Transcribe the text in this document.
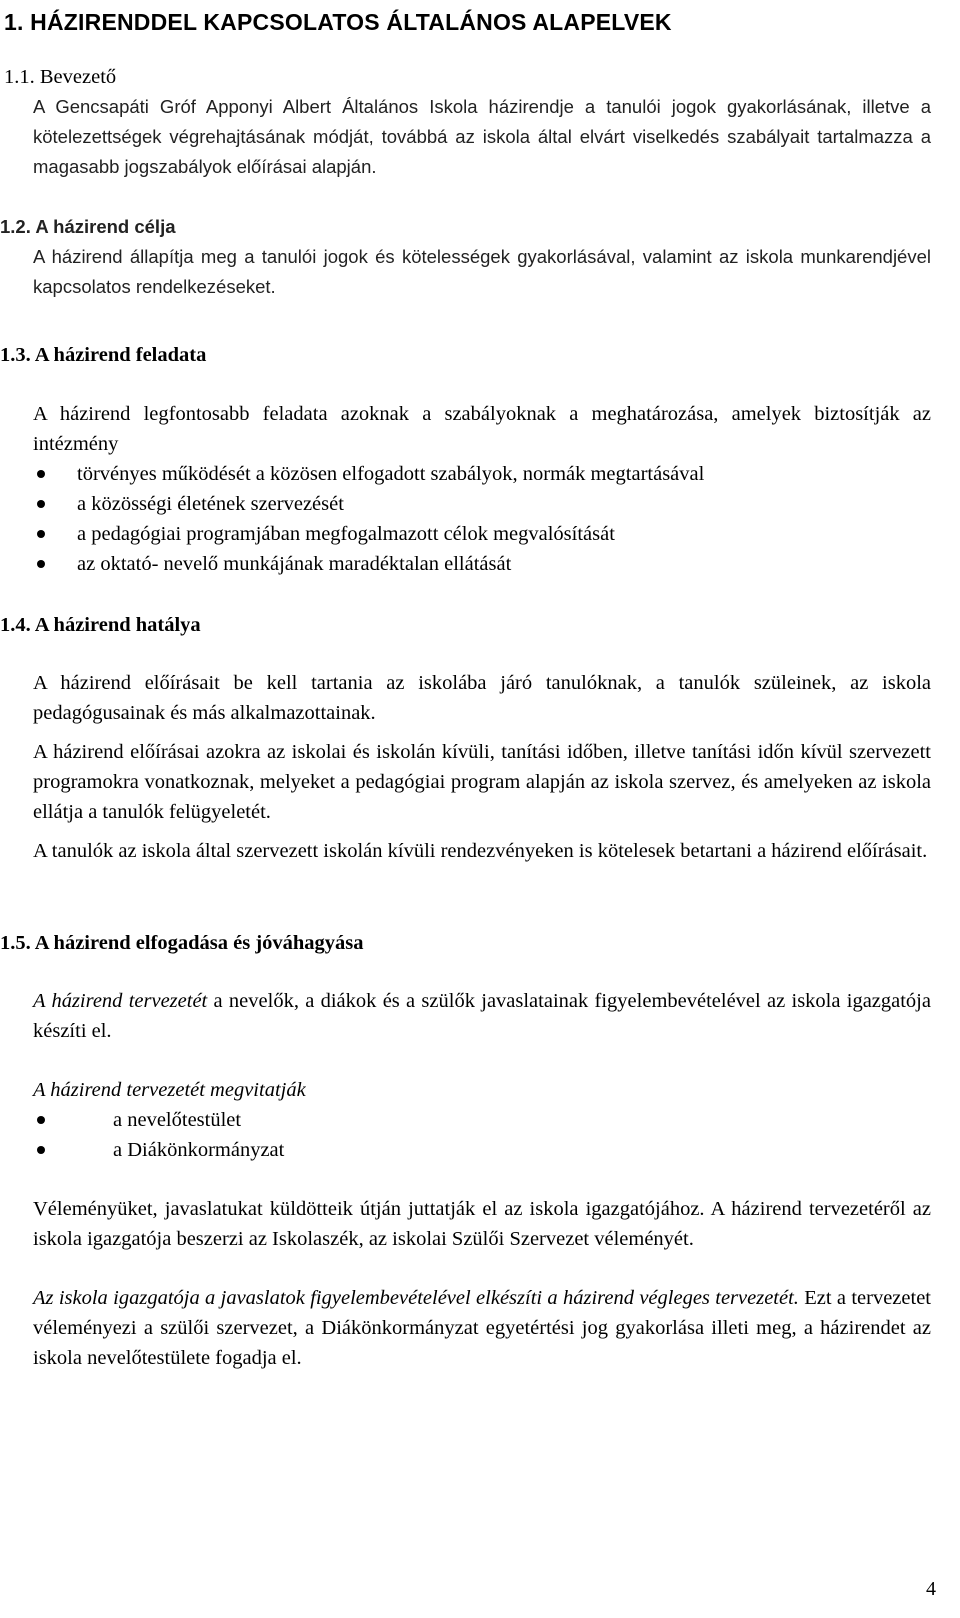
1. HÁZIRENDDEL KAPCSOLATOS ÁLTALÁNOS ALAPELVEK
1.1. Bevezető

A Gencsapáti Gróf Apponyi Albert Általános Iskola házirendje a tanulói jogok gyakorlásának, illetve a kötelezettségek végrehajtásának módját, továbbá az iskola által elvárt viselkedés szabályait tartalmazza a magasabb jogszabályok előírásai alapján.

1.2. A házirend célja

A házirend állapítja meg a tanulói jogok és kötelességek gyakorlásával, valamint az iskola munkarendjével kapcsolatos rendelkezéseket.

1.3. A házirend feladata

A házirend legfontosabb feladata azoknak a szabályoknak a meghatározása, amelyek biztosítják az intézmény

törvényes működését a közösen elfogadott szabályok, normák megtartásával
a közösségi életének szervezését
a pedagógiai programjában megfogalmazott célok megvalósítását
az oktató- nevelő munkájának maradéktalan ellátását
1.4. A házirend hatálya

A házirend előírásait be kell tartania az iskolába járó tanulóknak, a tanulók szüleinek, az iskola pedagógusainak és más alkalmazottainak.

A házirend előírásai azokra az iskolai és iskolán kívüli, tanítási időben, illetve tanítási időn kívül szervezett programokra vonatkoznak, melyeket a pedagógiai program alapján az iskola szervez, és amelyeken az iskola ellátja a tanulók felügyeletét.

A tanulók az iskola által szervezett iskolán kívüli rendezvényeken is kötelesek betartani a házirend előírásait.

1.5. A házirend elfogadása és jóváhagyása

A házirend tervezetét a nevelők, a diákok és a szülők javaslatainak figyelembevételével az iskola igazgatója készíti el.

A házirend tervezetét megvitatják

a nevelőtestület
a Diákönkormányzat

Véleményüket, javaslatukat küldötteik útján juttatják el az iskola igazgatójához. A házirend tervezetéről az iskola igazgatója beszerzi az Iskolaszék, az iskolai Szülői Szervezet véleményét.

Az iskola igazgatója a javaslatok figyelembevételével elkészíti a házirend végleges tervezetét. Ezt a tervezetet véleményezi a szülői szervezet, a Diákönkormányzat egyetértési jog gyakorlása illeti meg, a házirendet az iskola nevelőtestülete fogadja el.

4
